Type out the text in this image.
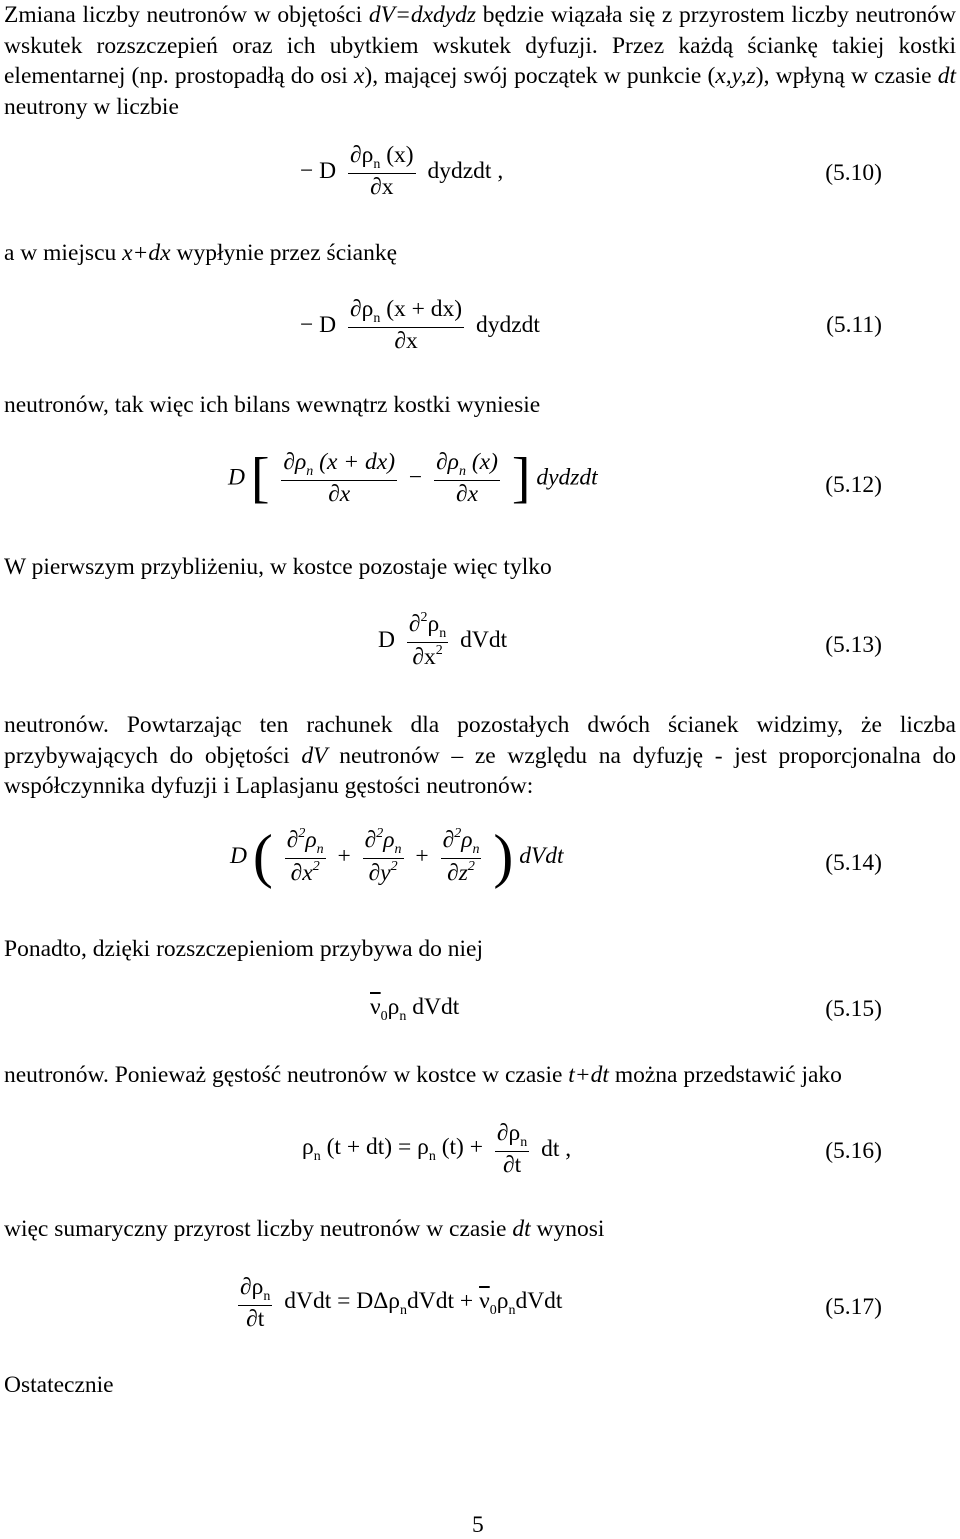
Zmiana liczby neutronów w objętości dV=dxdydz będzie wiązała się z przyrostem liczby neutronów wskutek rozszczepień oraz ich ubytkiem wskutek dyfuzji. Przez każdą ściankę takiej kostki elementarnej (np. prostopadłą do osi x), mającej swój początek w punkcie (x,y,z), wpłyną w czasie dt neutrony w liczbie

− D $\frac{\partial\rho_n (x)}{\partial x}$ dydzdt ,	(5.10)
a w miejscu x+dx wypłynie przez ściankę
− D $\frac{\partial\rho_n (x + dx)}{\partial x}$ dydzdt	(5.11)
neutronów, tak więc ich bilans wewnątrz kostki wyniesie
D [ $\frac{\partial\rho_n (x + dx)}{\partial x} - \frac{\partial\rho_n (x)}{\partial x}$ ] dydzdt	(5.12)
W pierwszym przybliżeniu, w kostce pozostaje więc tylko
D $\frac{\partial^2\rho_n}{\partial x^2}$ dVdt	(5.13)

neutronów. Powtarzając ten rachunek dla pozostałych dwóch ścianek widzimy, że liczba przybywających do objętości dV neutronów – ze względu na dyfuzję - jest proporcjonalna do współczynnika dyfuzji i Laplasjanu gęstości neutronów:

D ( $\frac{\partial^2\rho_n}{\partial x^2} + \frac{\partial^2\rho_n}{\partial y^2} + \frac{\partial^2\rho_n}{\partial z^2}$ ) dVdt	(5.14)
Ponadto, dzięki rozszczepieniom przybywa do niej
$\overline{\nu}_0\rho_n$ dVdt	(5.15)
neutronów. Ponieważ gęstość neutronów w kostce w czasie t+dt można przedstawić jako
$\rho_n$ $(t + dt) = \rho_n$ $(t) + \frac{\partial\rho_n}{\partial t}$ dt ,	(5.16)
więc sumaryczny przyrost liczby neutronów w czasie dt wynosi
$\frac{\partial\rho_n}{\partial t}$ dVdt = DΔρ$_n$dVdt + $\overline{\nu}_0\rho_ndVdt$	(5.17)
Ostatecznie
5
